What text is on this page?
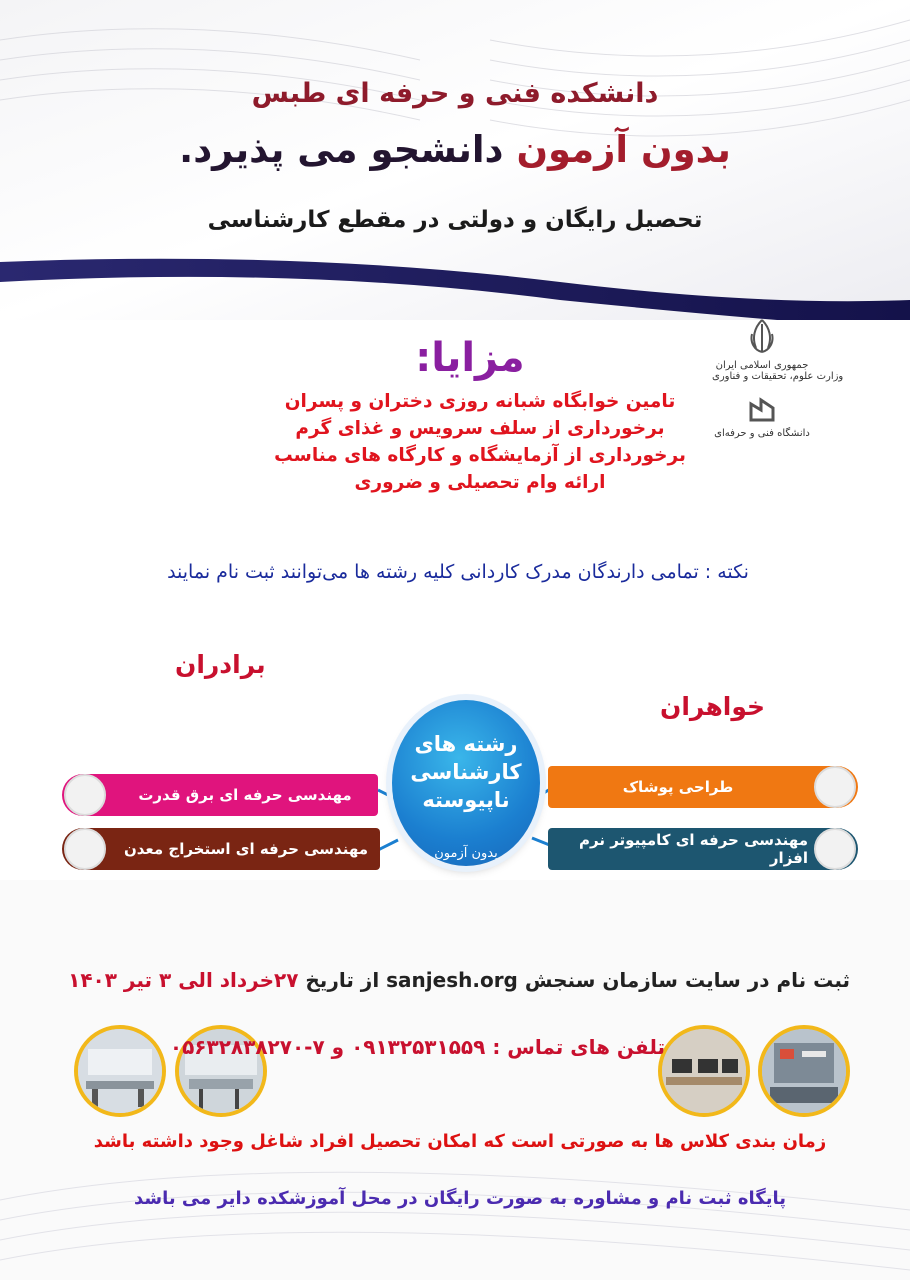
دانشکده فنی و حرفه ای طبس
بدون آزمون دانشجو می پذیرد.
تحصیل رایگان و دولتی در مقطع کارشناسی
جمهوری اسلامی ایران
وزارت علوم، تحقیقات و فناوری
دانشگاه فنی و حرفه‌ای
مزایا:
تامین خوابگاه شبانه روزی دختران و پسران
برخورداری از سلف سرویس و غذای گرم
برخورداری از آزمایشگاه و کارگاه های مناسب
ارائه وام تحصیلی و ضروری
نکته : تمامی دارندگان مدرک کاردانی کلیه رشته ها می‌توانند ثبت نام نمایند
برادران
خواهران
رشته های
کارشناسی
ناپیوسته
بدون آزمون
مهندسی حرفه ای برق قدرت
مهندسی حرفه ای استخراج معدن
طراحی پوشاک
مهندسی حرفه ای کامپیوتر نرم افزار
ثبت نام در سایت سازمان سنجش sanjesh.org از تاریخ ۲۷خرداد الی ۳ تیر ۱۴۰۳
تلفن های تماس : ۰۹۱۳۲۵۳۱۵۵۹ و ۷-۰۵۶۳۲۸۳۸۲۷۰
زمان بندی کلاس ها به صورتی است که امکان تحصیل افراد شاغل وجود داشته باشد
پایگاه ثبت نام و مشاوره به صورت رایگان در محل آموزشکده دایر می باشد
